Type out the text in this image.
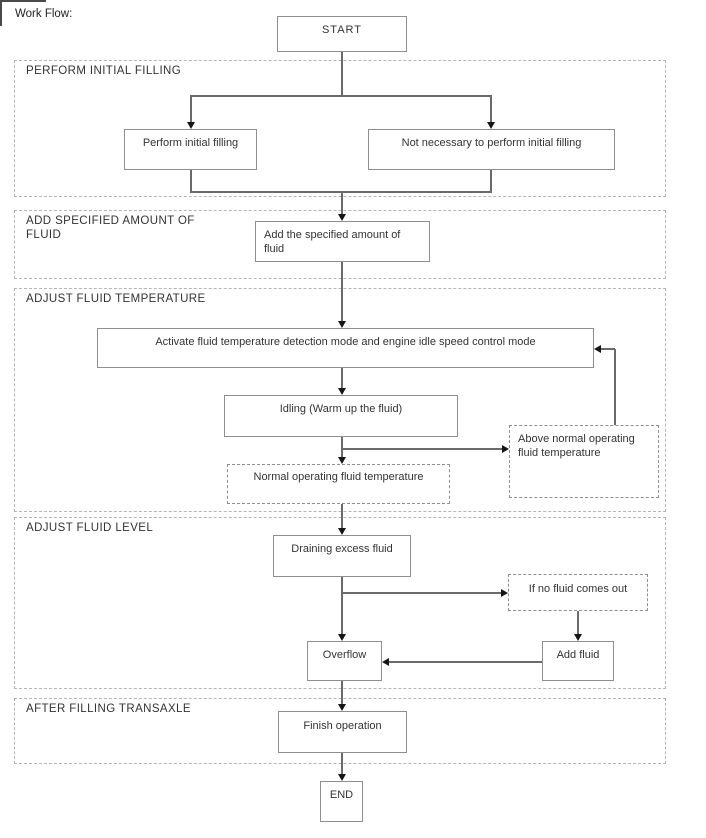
Work Flow:
PERFORM INITIAL FILLING
ADD SPECIFIED AMOUNT OF FLUID
ADJUST FLUID TEMPERATURE
ADJUST FLUID LEVEL
AFTER FILLING TRANSAXLE
START
Perform initial filling	Not necessary to perform initial filling
Add the specified amount of fluid
Activate fluid temperature detection mode and engine idle speed control mode
Idling (Warm up the fluid)
Above normal operating fluid temperature
Normal operating fluid temperature
Draining excess fluid
If no fluid comes out
Overflow	Add fluid
Finish operation
END
